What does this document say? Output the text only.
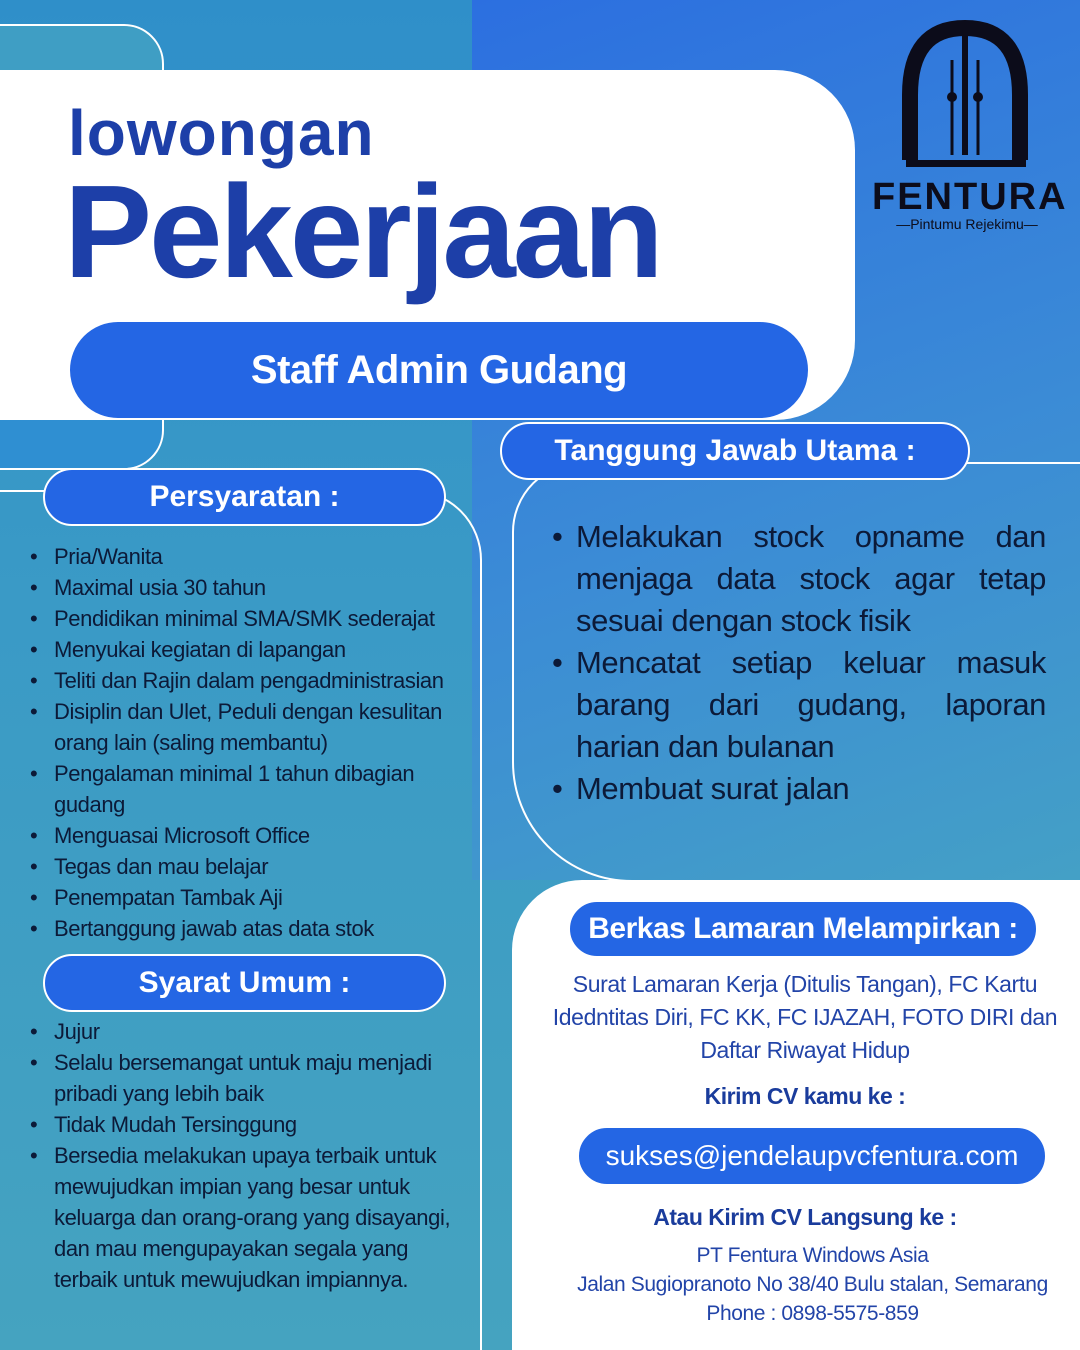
lowongan
Pekerjaan
Staff Admin Gudang
FENTURA
—Pintumu Rejekimu—
Persyaratan :
• Pria/Wanita
• Maximal usia 30 tahun
• Pendidikan minimal SMA/SMK sederajat
• Menyukai kegiatan di lapangan
• Teliti dan Rajin dalam pengadministrasian
• Disiplin dan Ulet, Peduli dengan kesulitan orang lain (saling membantu)
• Pengalaman minimal 1 tahun dibagian gudang
• Menguasai Microsoft Office
• Tegas dan mau belajar
• Penempatan Tambak Aji
• Bertanggung jawab atas data stok
Syarat Umum :
• Jujur
• Selalu bersemangat untuk maju menjadi pribadi yang lebih baik
• Tidak Mudah Tersinggung
• Bersedia melakukan upaya terbaik untuk mewujudkan impian yang besar untuk keluarga dan orang-orang yang disayangi, dan mau mengupayakan segala yang terbaik untuk mewujudkan impiannya.
Tanggung Jawab Utama :
• Melakukan stock opname dan menjaga data stock agar tetap sesuai dengan stock fisik
• Mencatat setiap keluar masuk barang dari gudang, laporan harian dan bulanan
• Membuat surat jalan
Berkas Lamaran Melampirkan :
Surat Lamaran Kerja (Ditulis Tangan), FC Kartu Idedntitas Diri, FC KK, FC IJAZAH, FOTO DIRI dan Daftar Riwayat Hidup
Kirim CV kamu ke :
sukses@jendelaupvcfentura.com
Atau Kirim CV Langsung ke :
PT Fentura Windows Asia
Jalan Sugiopranoto No 38/40 Bulu stalan, Semarang
Phone : 0898-5575-859
